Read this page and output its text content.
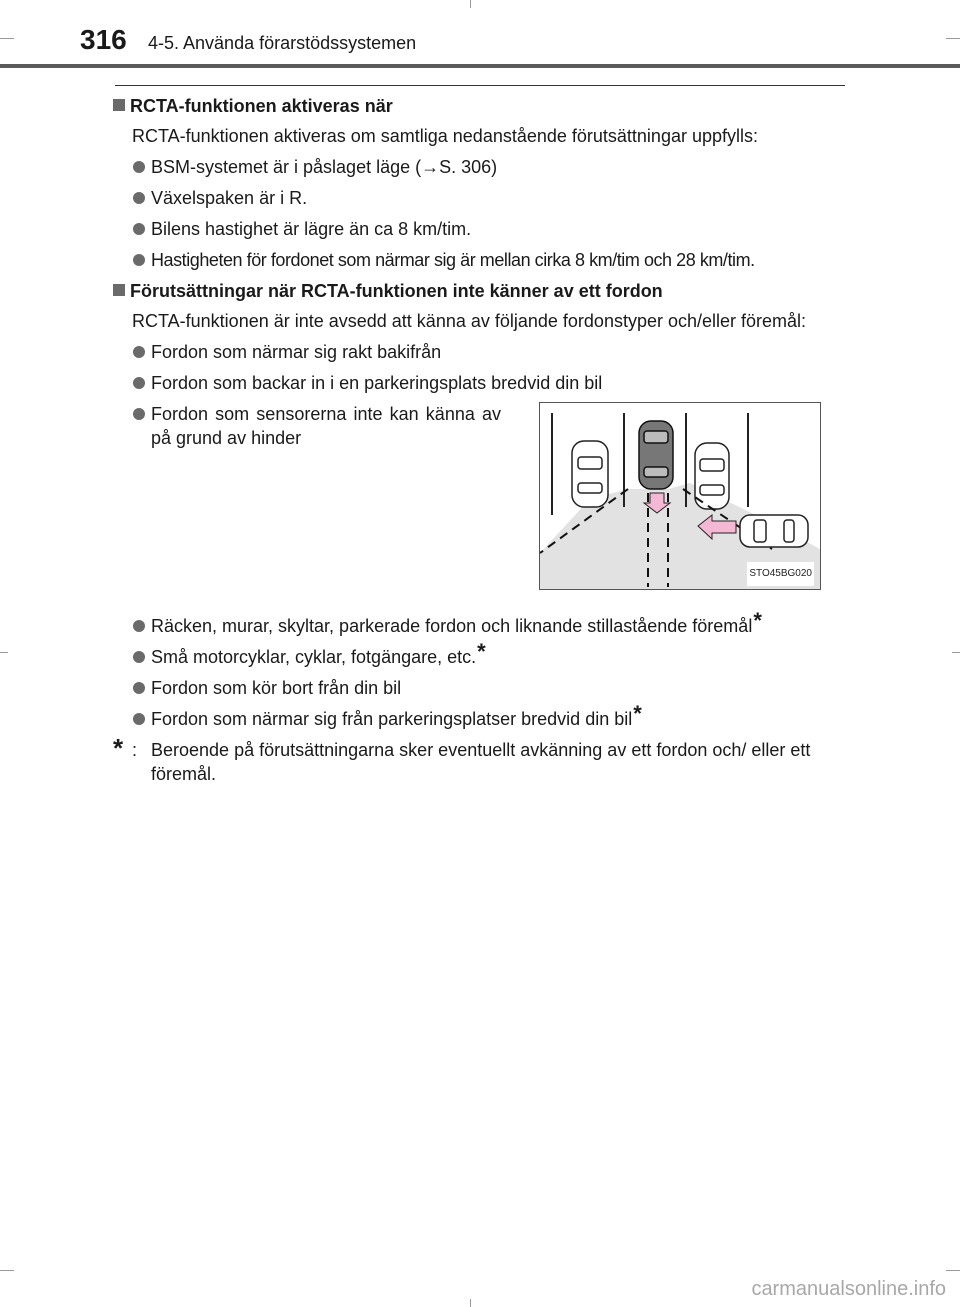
316 4-5. Använda förarstödssystemen
RCTA-funktionen aktiveras när
RCTA-funktionen aktiveras om samtliga nedanstående förutsättningar uppfylls:
BSM-systemet är i påslaget läge (→S. 306)
Växelspaken är i R.
Bilens hastighet är lägre än ca 8 km/tim.
Hastigheten för fordonet som närmar sig är mellan cirka 8 km/tim och 28 km/tim.
Förutsättningar när RCTA-funktionen inte känner av ett fordon
RCTA-funktionen är inte avsedd att känna av följande fordonstyper och/eller föremål:
Fordon som närmar sig rakt bakifrån
Fordon som backar in i en parkeringsplats bredvid din bil
Fordon som sensorerna inte kan känna av på grund av hinder
STO45BG020
Räcken, murar, skyltar, parkerade fordon och liknande stillastående föremål*
Små motorcyklar, cyklar, fotgängare, etc.*
Fordon som kör bort från din bil
Fordon som närmar sig från parkeringsplatser bredvid din bil*
* : Beroende på förutsättningarna sker eventuellt avkänning av ett fordon och/ eller ett föremål.
carmanualsonline.info
